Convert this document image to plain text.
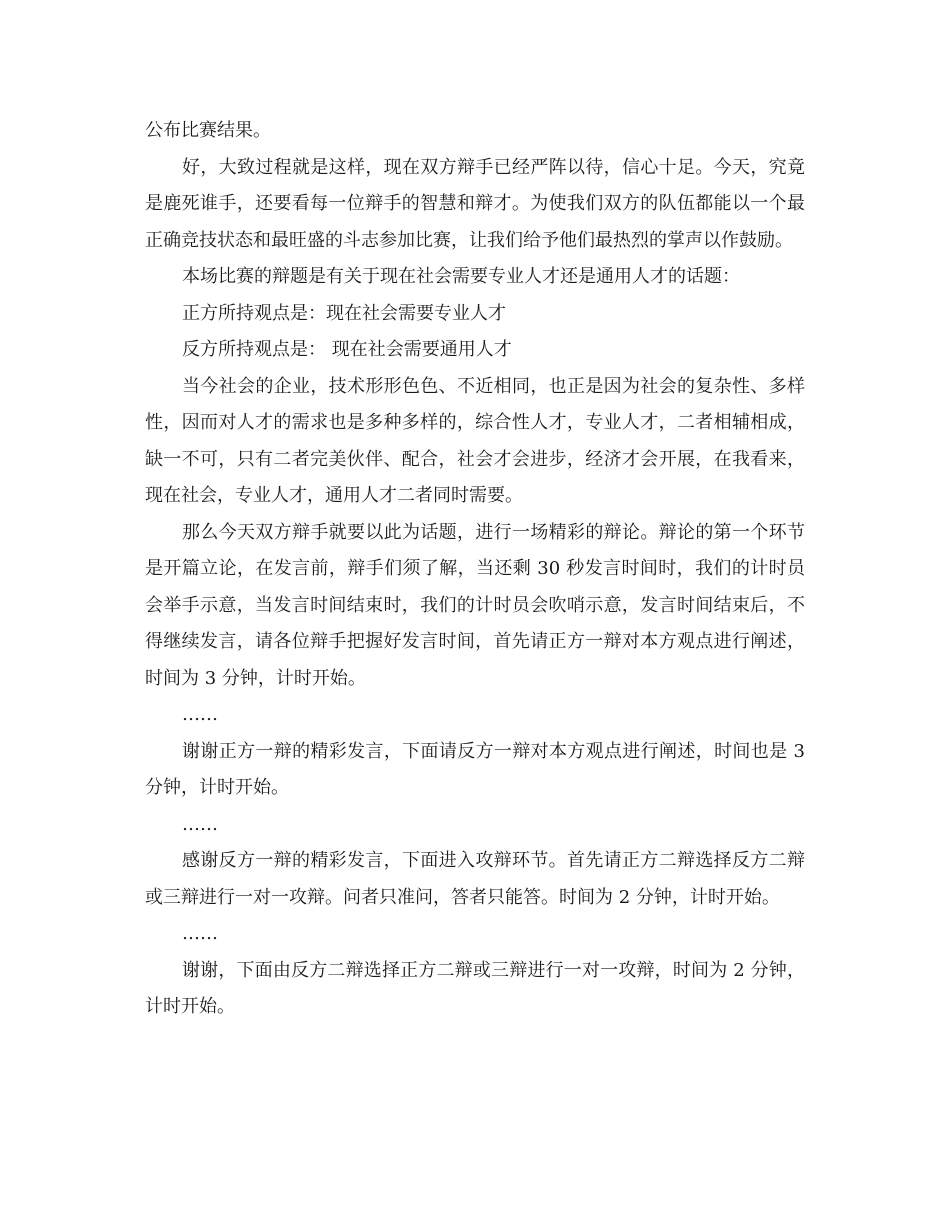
公布比赛结果。

好，大致过程就是这样，现在双方辩手已经严阵以待，信心十足。今天，究竟是鹿死谁手，还要看每一位辩手的智慧和辩才。为使我们双方的队伍都能以一个最正确竞技状态和最旺盛的斗志参加比赛，让我们给予他们最热烈的掌声以作鼓励。

本场比赛的辩题是有关于现在社会需要专业人才还是通用人才的话题：

正方所持观点是：现在社会需要专业人才

反方所持观点是： 现在社会需要通用人才

当今社会的企业，技术形形色色、不近相同，也正是因为社会的复杂性、多样性，因而对人才的需求也是多种多样的，综合性人才，专业人才，二者相辅相成，缺一不可，只有二者完美伙伴、配合，社会才会进步，经济才会开展，在我看来，现在社会，专业人才，通用人才二者同时需要。

那么今天双方辩手就要以此为话题，进行一场精彩的辩论。辩论的第一个环节是开篇立论，在发言前，辩手们须了解，当还剩 30 秒发言时间时，我们的计时员会举手示意，当发言时间结束时，我们的计时员会吹哨示意，发言时间结束后，不得继续发言，请各位辩手把握好发言时间，首先请正方一辩对本方观点进行阐述，时间为 3 分钟，计时开始。

……

谢谢正方一辩的精彩发言，下面请反方一辩对本方观点进行阐述，时间也是 3 分钟，计时开始。

……

感谢反方一辩的精彩发言，下面进入攻辩环节。首先请正方二辩选择反方二辩或三辩进行一对一攻辩。问者只准问，答者只能答。时间为 2 分钟，计时开始。

……

谢谢，下面由反方二辩选择正方二辩或三辩进行一对一攻辩，时间为 2 分钟，计时开始。
